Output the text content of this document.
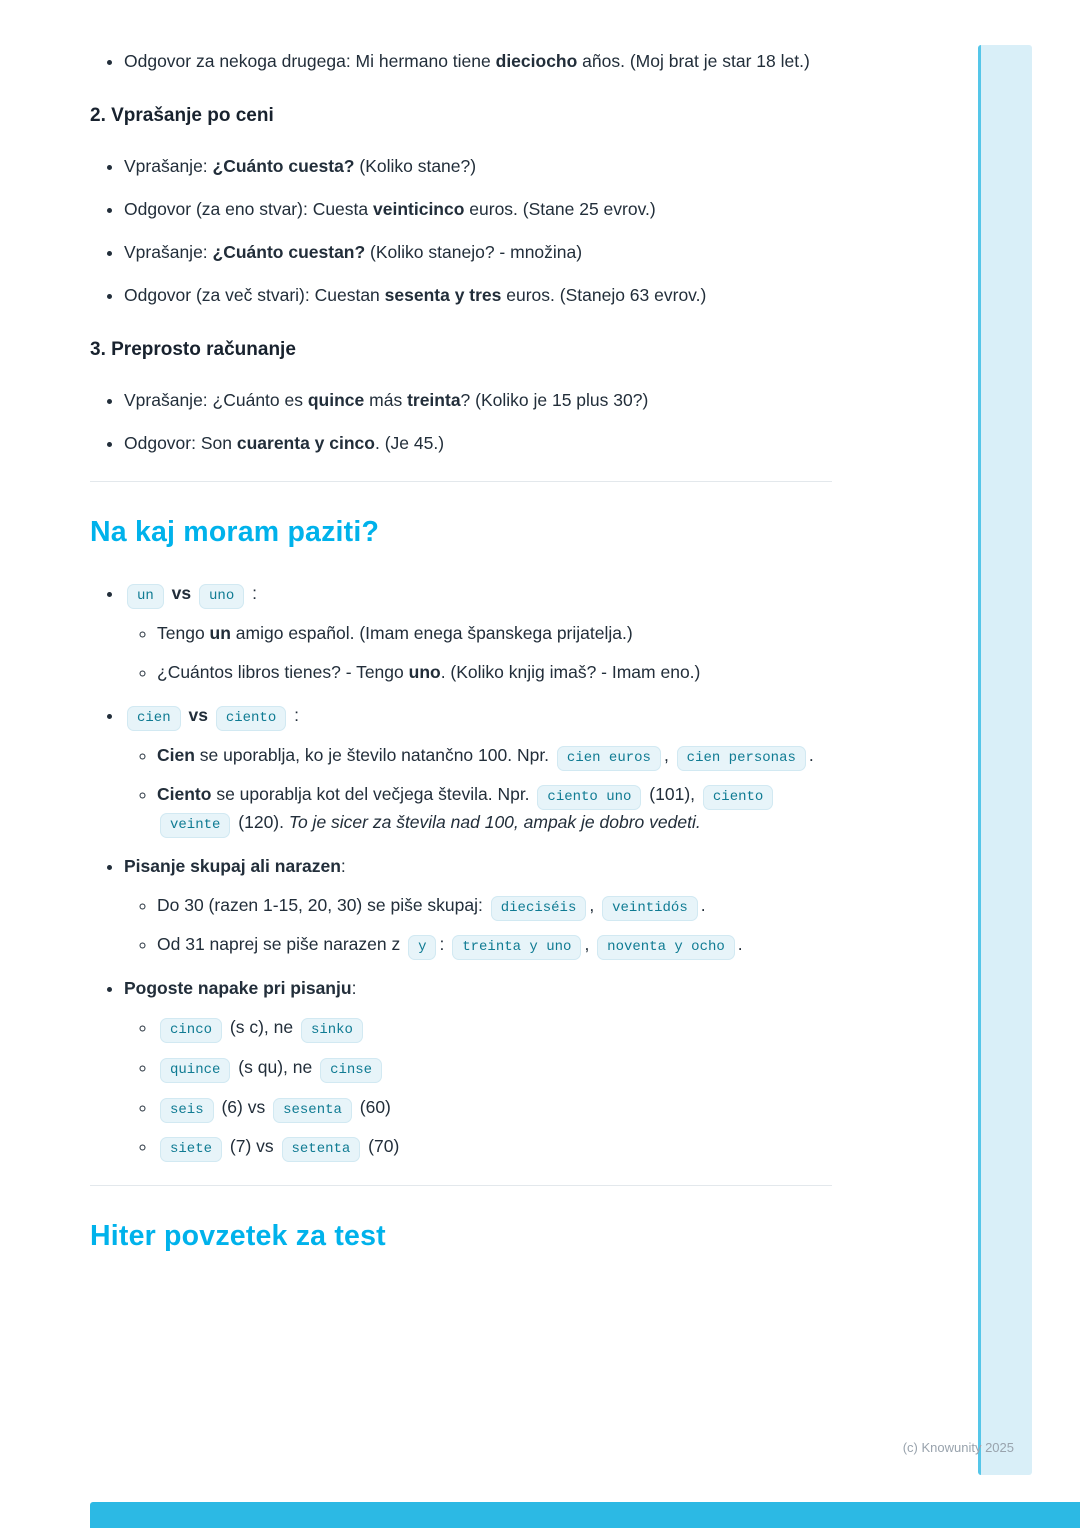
• Odgovor za nekoga drugega: Mi hermano tiene dieciocho años. (Moj brat je star 18 let.)
2. Vprašanje po ceni
• Vprašanje: ¿Cuánto cuesta? (Koliko stane?)
• Odgovor (za eno stvar): Cuesta veinticinco euros. (Stane 25 evrov.)
• Vprašanje: ¿Cuánto cuestan? (Koliko stanejo? - množina)
• Odgovor (za več stvari): Cuestan sesenta y tres euros. (Stanejo 63 evrov.)
3. Preprosto računanje
• Vprašanje: ¿Cuánto es quince más treinta? (Koliko je 15 plus 30?)
• Odgovor: Son cuarenta y cinco. (Je 45.)
Na kaj moram paziti?
• un vs uno :
◦ Tengo un amigo español. (Imam enega španskega prijatelja.)
◦ ¿Cuántos libros tienes? - Tengo uno. (Koliko knjig imaš? - Imam eno.)
• cien vs ciento :
◦ Cien se uporablja, ko je število natančno 100. Npr. cien euros , cien personas .
◦ Ciento se uporablja kot del večjega števila. Npr. ciento uno (101), ciento veinte (120). To je sicer za števila nad 100, ampak je dobro vedeti.
• Pisanje skupaj ali narazen:
◦ Do 30 (razen 1-15, 20, 30) se piše skupaj: dieciséis , veintidós .
◦ Od 31 naprej se piše narazen z y : treinta y uno , noventa y ocho .
• Pogoste napake pri pisanju:
◦ cinco (s c), ne sinko
◦ quince (s qu), ne cinse
◦ seis (6) vs sesenta (60)
◦ siete (7) vs setenta (70)
Hiter povzetek za test
(c) Knowunity 2025
